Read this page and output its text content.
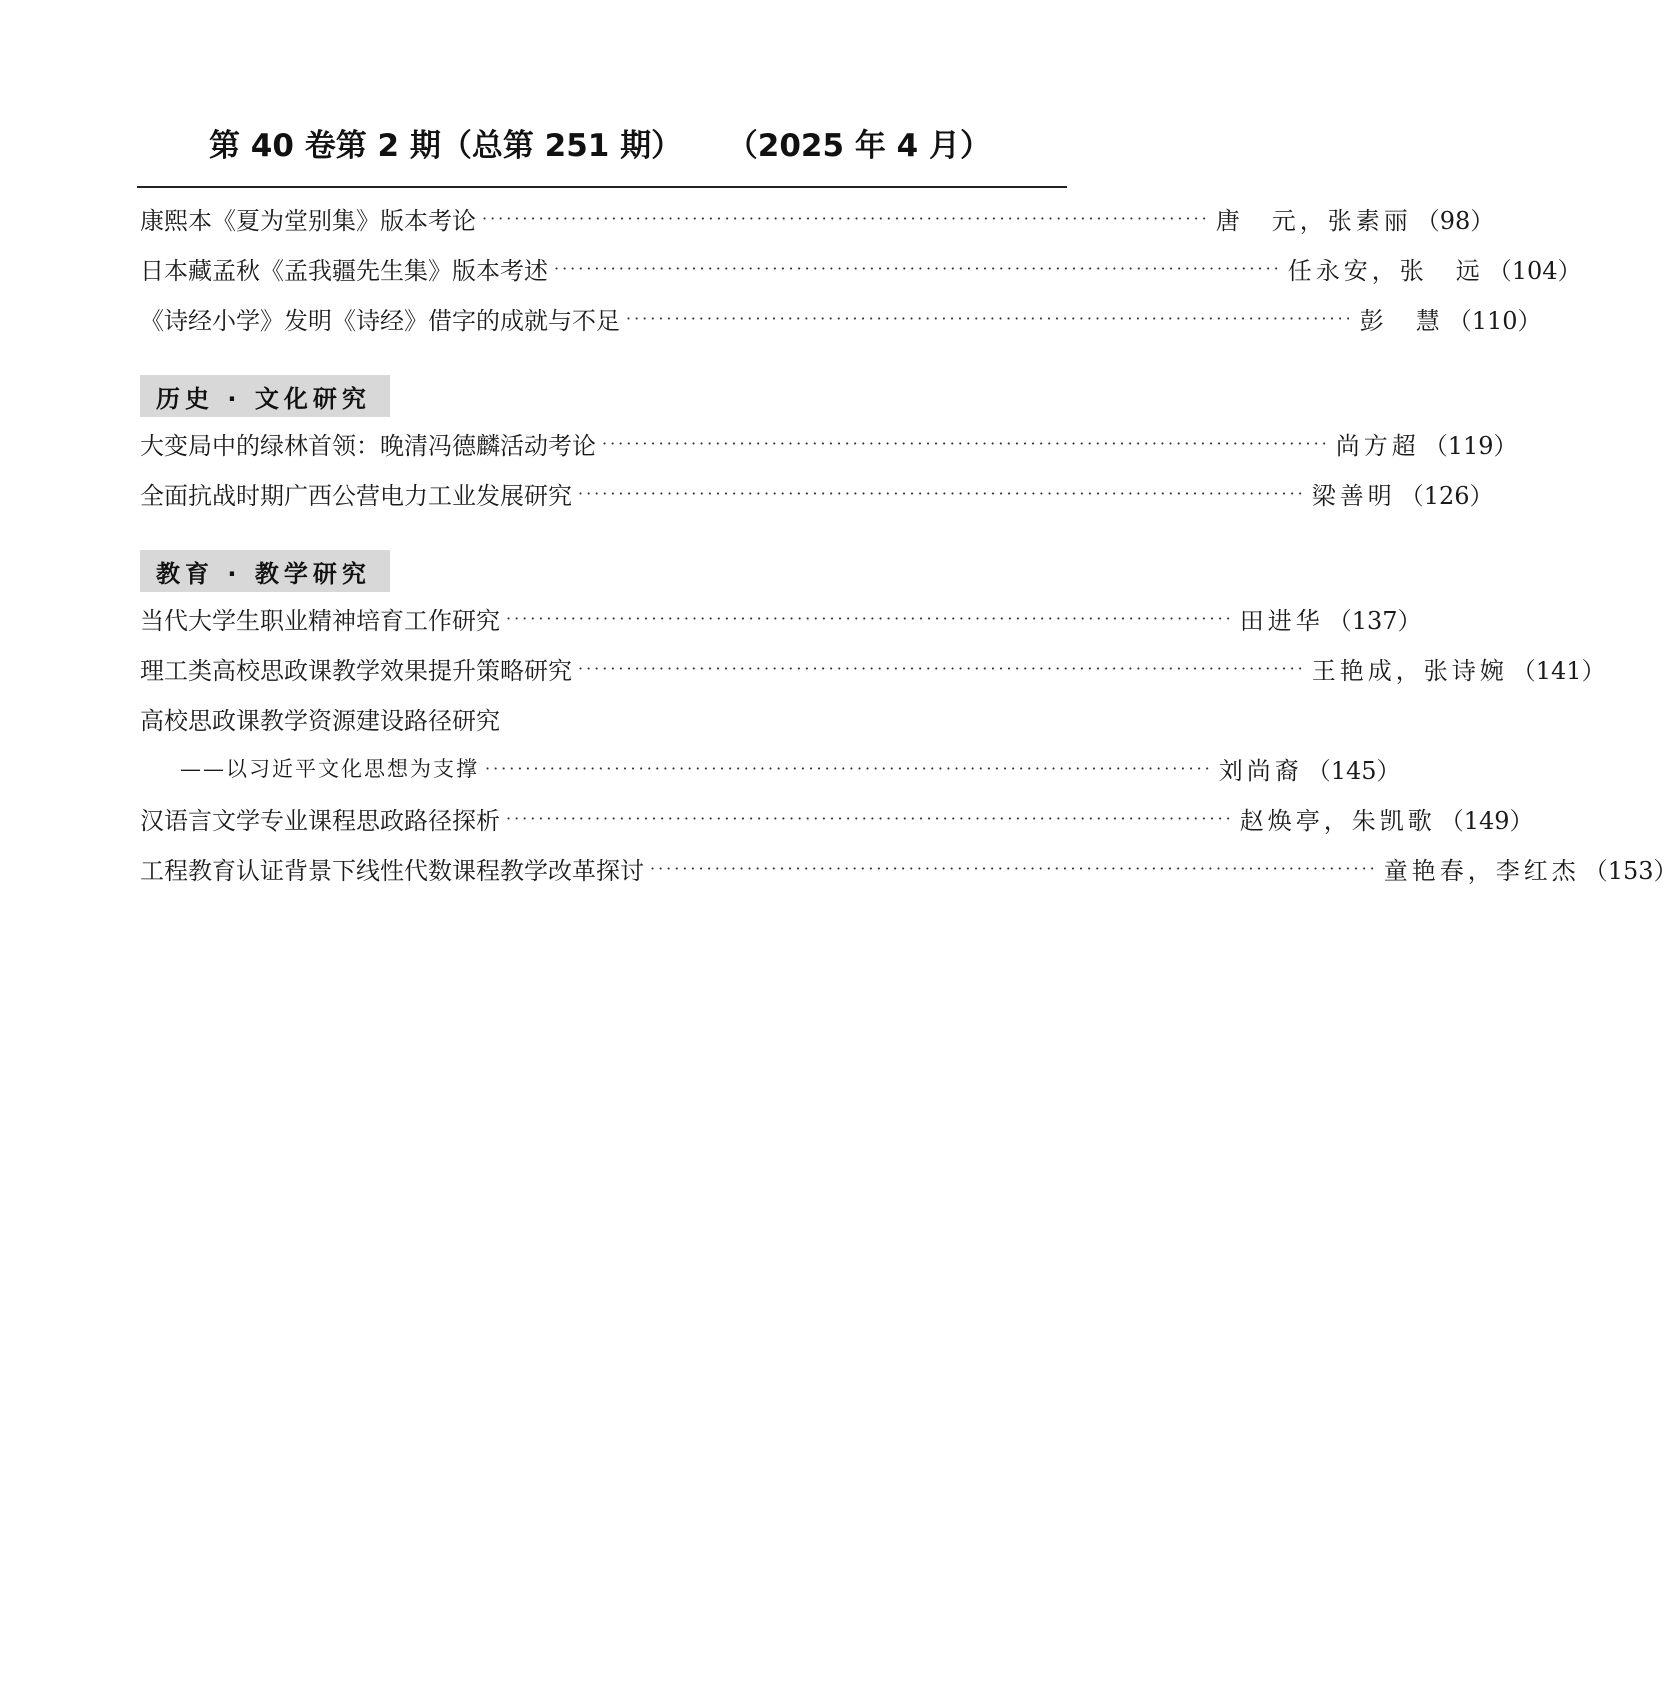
第 40 卷第 2 期（总第 251 期） （2025 年 4 月）
康熙本《夏为堂别集》版本考论 ·························································································· 唐　元，张素丽 （98）
日本藏孟秋《孟我疆先生集》版本考述 ·························································································· 任永安，张　远 （104）
《诗经小学》发明《诗经》借字的成就与不足 ·························································································· 彭　慧 （110）
历史 · 文化研究
大变局中的绿林首领：晚清冯德麟活动考论 ·························································································· 尚方超 （119）
全面抗战时期广西公营电力工业发展研究 ·························································································· 梁善明 （126）
教育 · 教学研究
当代大学生职业精神培育工作研究 ·························································································· 田进华 （137）
理工类高校思政课教学效果提升策略研究 ·························································································· 王艳成，张诗婉 （141）
高校思政课教学资源建设路径研究
——以习近平文化思想为支撑 ·························································································· 刘尚裔 （145）
汉语言文学专业课程思政路径探析 ·························································································· 赵焕亭，朱凯歌 （149）
工程教育认证背景下线性代数课程教学改革探讨 ·························································································· 童艳春，李红杰 （153）
